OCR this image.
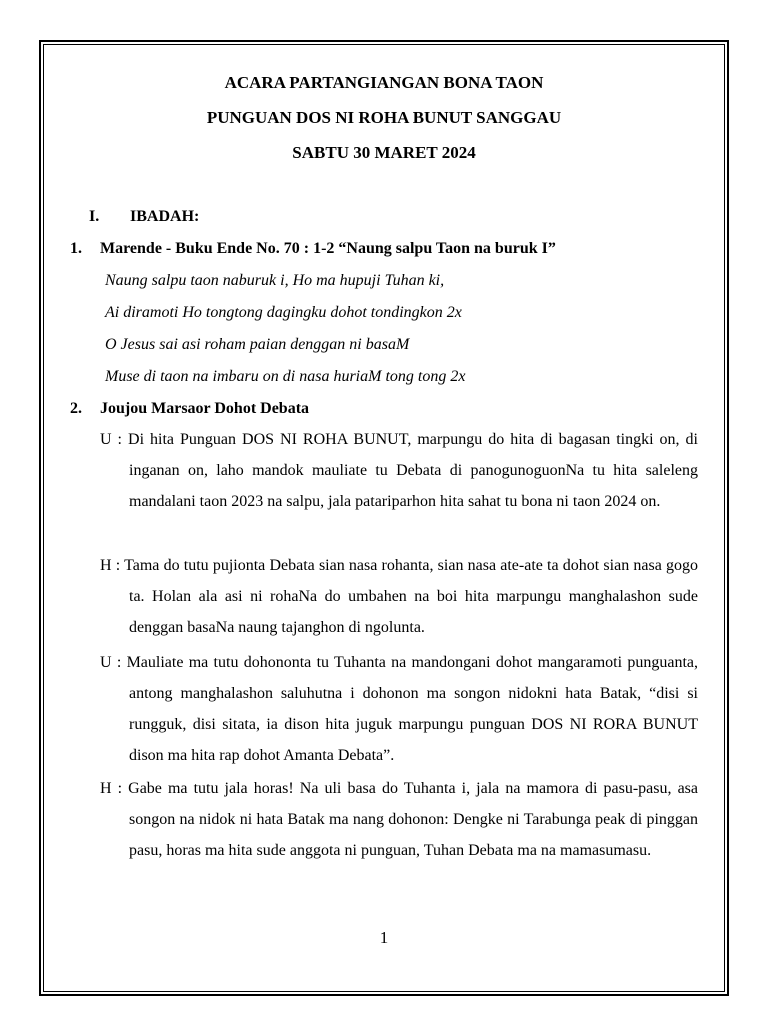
ACARA PARTANGIANGAN BONA TAON
PUNGUAN DOS NI ROHA BUNUT SANGGAU
SABTU 30 MARET 2024
I. IBADAH:
1. Marende - Buku Ende No. 70 : 1-2 “Naung salpu Taon na buruk I”
Naung salpu taon naburuk i, Ho ma hupuji Tuhan ki,
Ai diramoti Ho tongtong dagingku dohot tondingkon 2x
O Jesus sai asi roham paian denggan ni basaM
Muse di taon na imbaru on di nasa huriaM tong tong 2x
2. Joujou Marsaor Dohot Debata
U : Di hita Punguan DOS NI ROHA BUNUT, marpungu do hita di bagasan tingki on, di inganan on, laho mandok mauliate tu Debata di panogunoguonNa tu hita saleleng mandalani taon 2023 na salpu, jala patariparhon hita sahat tu bona ni taon 2024 on.
H : Tama do tutu pujionta Debata sian nasa rohanta, sian nasa ate-ate ta dohot sian nasa gogo ta. Holan ala asi ni rohaNa do umbahen na boi hita marpungu manghalashon sude denggan basaNa naung tajanghon di ngolunta.
U : Mauliate ma tutu dohononta tu Tuhanta na mandongani dohot mangaramoti punguanta, antong manghalashon saluhutna i dohonon ma songon nidokni hata Batak, “disi si rungguk, disi sitata, ia dison hita juguk marpungu punguan DOS NI RORA BUNUT dison ma hita rap dohot Amanta Debata”.
H : Gabe ma tutu jala horas! Na uli basa do Tuhanta i, jala na mamora di pasu-pasu, asa songon na nidok ni hata Batak ma nang dohonon: Dengke ni Tarabunga peak di pinggan pasu, horas ma hita sude anggota ni punguan, Tuhan Debata ma na mamasumasu.
1
